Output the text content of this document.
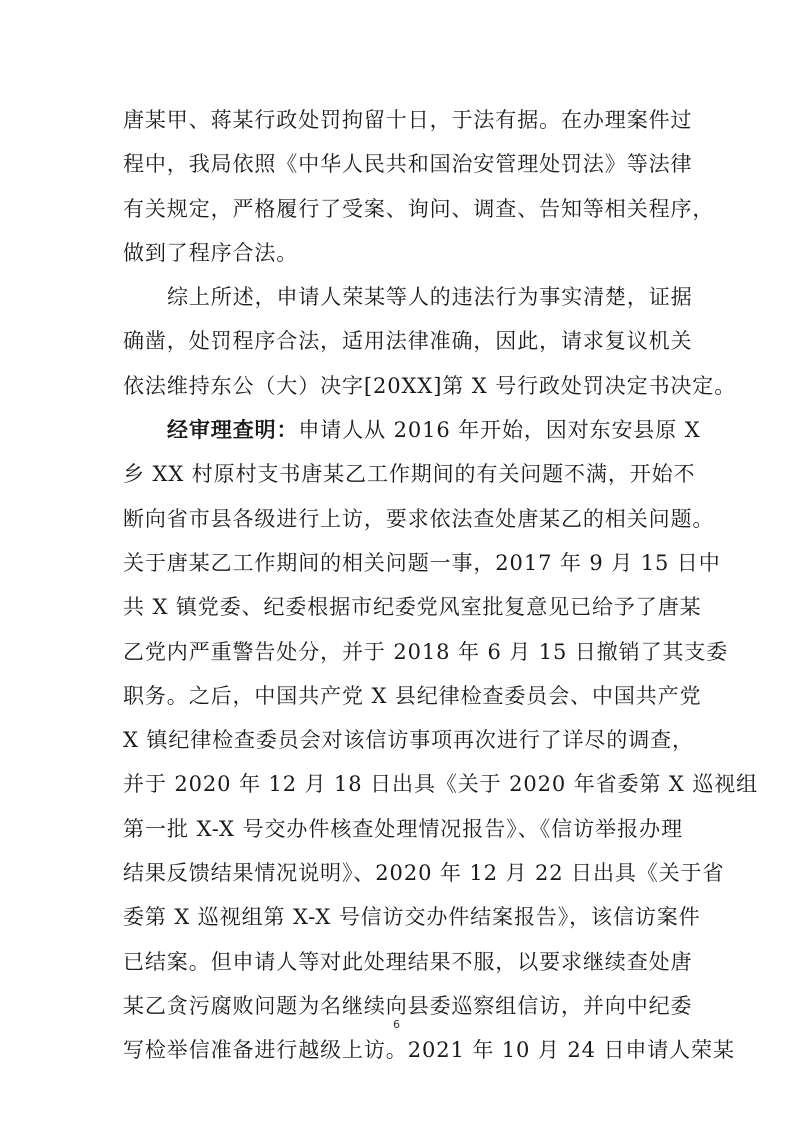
唐某甲、蒋某行政处罚拘留十日，于法有据。在办理案件过
程中，我局依照《中华人民共和国治安管理处罚法》等法律
有关规定，严格履行了受案、询问、调查、告知等相关程序，
做到了程序合法。
综上所述，申请人荣某等人的违法行为事实清楚，证据
确凿，处罚程序合法，适用法律准确，因此，请求复议机关
依法维持东公（大）决字[20XX]第 X 号行政处罚决定书决定。
经审理查明：申请人从 2016 年开始，因对东安县原 X
乡 XX 村原村支书唐某乙工作期间的有关问题不满，开始不
断向省市县各级进行上访，要求依法查处唐某乙的相关问题。
关于唐某乙工作期间的相关问题一事，2017 年 9 月 15 日中
共 X 镇党委、纪委根据市纪委党风室批复意见已给予了唐某
乙党内严重警告处分，并于 2018 年 6 月 15 日撤销了其支委
职务。之后，中国共产党 X 县纪律检查委员会、中国共产党
X 镇纪律检查委员会对该信访事项再次进行了详尽的调查，
并于 2020 年 12 月 18 日出具《关于 2020 年省委第 X 巡视组
第一批 X-X 号交办件核查处理情况报告》、《信访举报办理
结果反馈结果情况说明》、2020 年 12 月 22 日出具《关于省
委第 X 巡视组第 X-X 号信访交办件结案报告》，该信访案件
已结案。但申请人等对此处理结果不服，以要求继续查处唐
某乙贪污腐败问题为名继续向县委巡察组信访，并向中纪委
写检举信准备进行越级上访。2021 年 10 月 24 日申请人荣某
6
